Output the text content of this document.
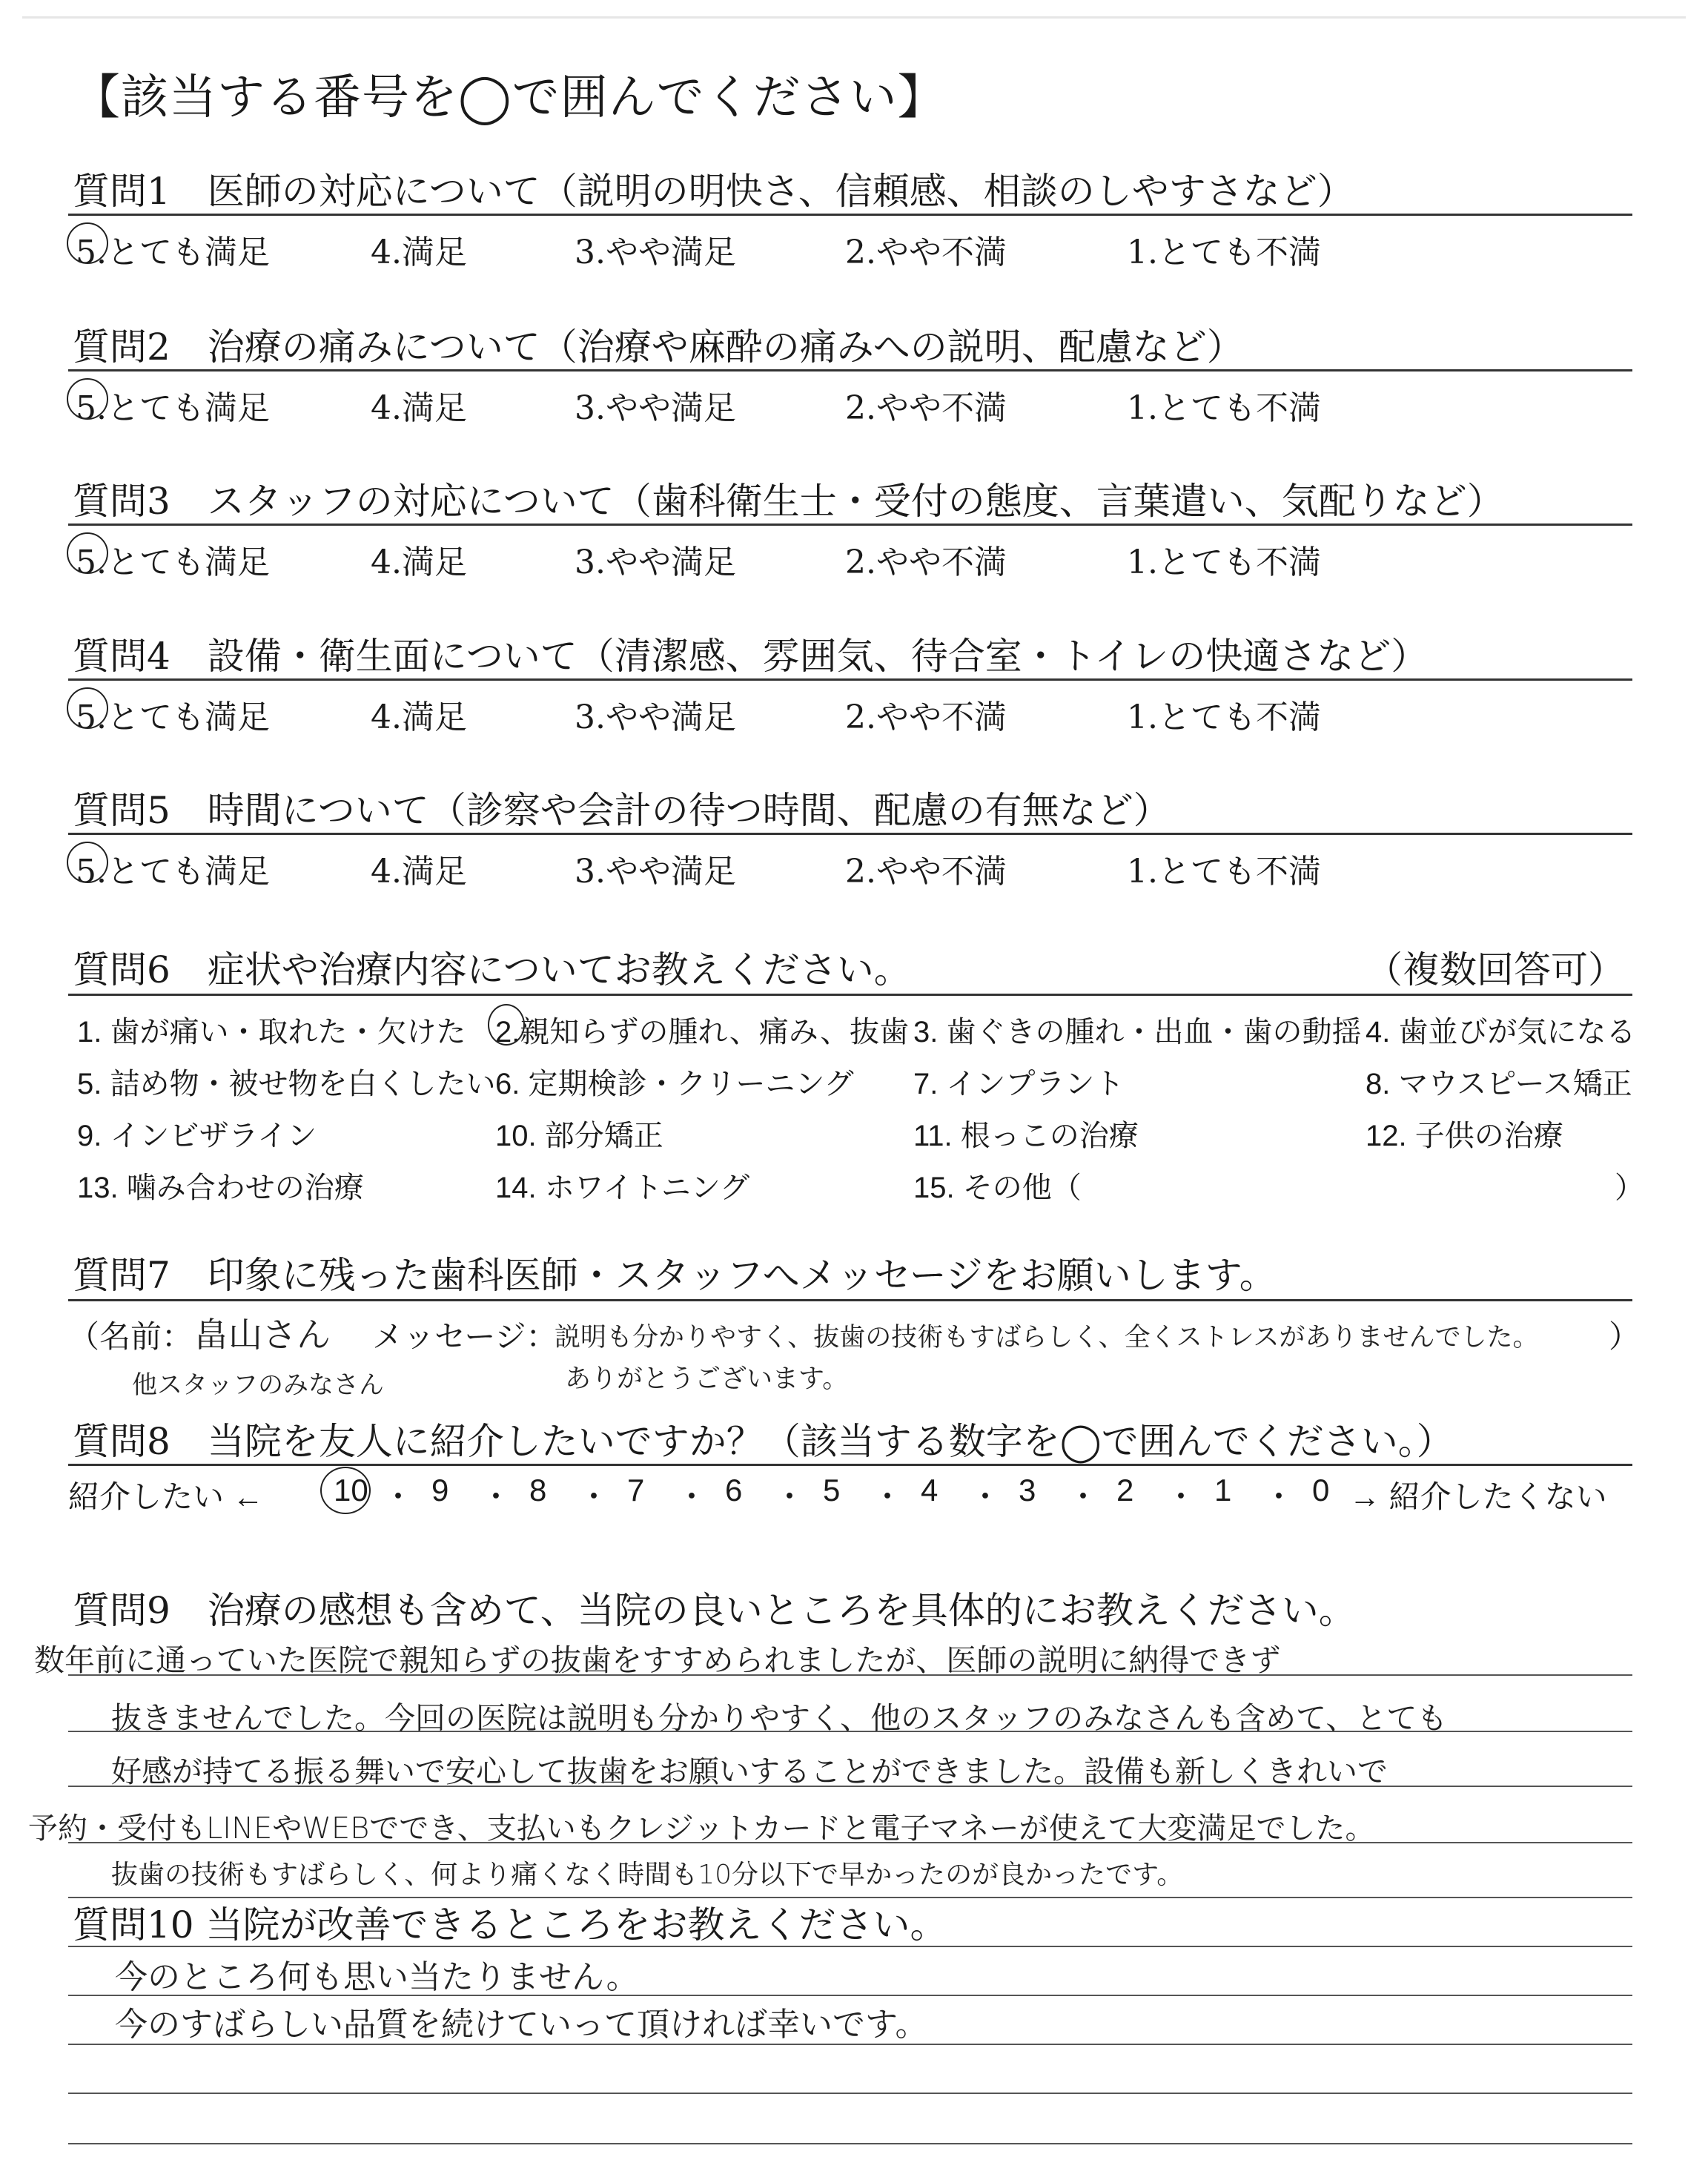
【該当する番号を◯で囲んでください】
質問1　医師の対応について（説明の明快さ、信頼感、相談のしやすさなど）
5.とても満足	4.満足	3.やや満足	2.やや不満	1.とても不満
質問2　治療の痛みについて（治療や麻酔の痛みへの説明、配慮など）
5.とても満足	4.満足	3.やや満足	2.やや不満	1.とても不満
質問3　スタッフの対応について（歯科衛生士・受付の態度、言葉遣い、気配りなど）
5.とても満足	4.満足	3.やや満足	2.やや不満	1.とても不満
質問4　設備・衛生面について（清潔感、雰囲気、待合室・トイレの快適さなど）
5.とても満足	4.満足	3.やや満足	2.やや不満	1.とても不満
質問5　時間について（診察や会計の待つ時間、配慮の有無など）
5.とても満足	4.満足	3.やや満足	2.やや不満	1.とても不満
質問6　症状や治療内容についてお教えください。	（複数回答可）
1. 歯が痛い・取れた・欠けた 2.親知らずの腫れ、痛み、抜歯 3. 歯ぐきの腫れ・出血・歯の動揺 4. 歯並びが気になる
5. 詰め物・被せ物を白くしたい 6. 定期検診・クリーニング 7. インプラント	8. マウスピース矯正
9. インビザライン	10. 部分矯正	11. 根っこの治療	12. 子供の治療
13. 噛み合わせの治療	14. ホワイトニング	15. その他（	）
質問7　印象に残った歯科医師・スタッフへメッセージをお願いします。
（名前： 畠山さん
他スタッフのみなさん
メッセージ：
説明も分かりやすく、抜歯の技術もすばらしく、全くストレスがありませんでした。
ありがとうございます。
）
質問8　当院を友人に紹介したいですか？（該当する数字を◯で囲んでください。）
紹介したい ← 10 ・ 9 ・ 8 ・ 7 ・ 6 ・ 5 ・ 4 ・ 3 ・ 2 ・ 1 ・ 0 → 紹介したくない
質問9　治療の感想も含めて、当院の良いところを具体的にお教えください。
数年前に通っていた医院で親知らずの抜歯をすすめられましたが、医師の説明に納得できず
抜きませんでした。今回の医院は説明も分かりやすく、他のスタッフのみなさんも含めて、とても
好感が持てる振る舞いで安心して抜歯をお願いすることができました。設備も新しくきれいで
予約・受付もLINEやWEBででき、支払いもクレジットカードと電子マネーが使えて大変満足でした。
抜歯の技術もすばらしく、何より痛くなく時間も10分以下で早かったのが良かったです。
質問10 当院が改善できるところをお教えください。
今のところ何も思い当たりません。
今のすばらしい品質を続けていって頂ければ幸いです。
